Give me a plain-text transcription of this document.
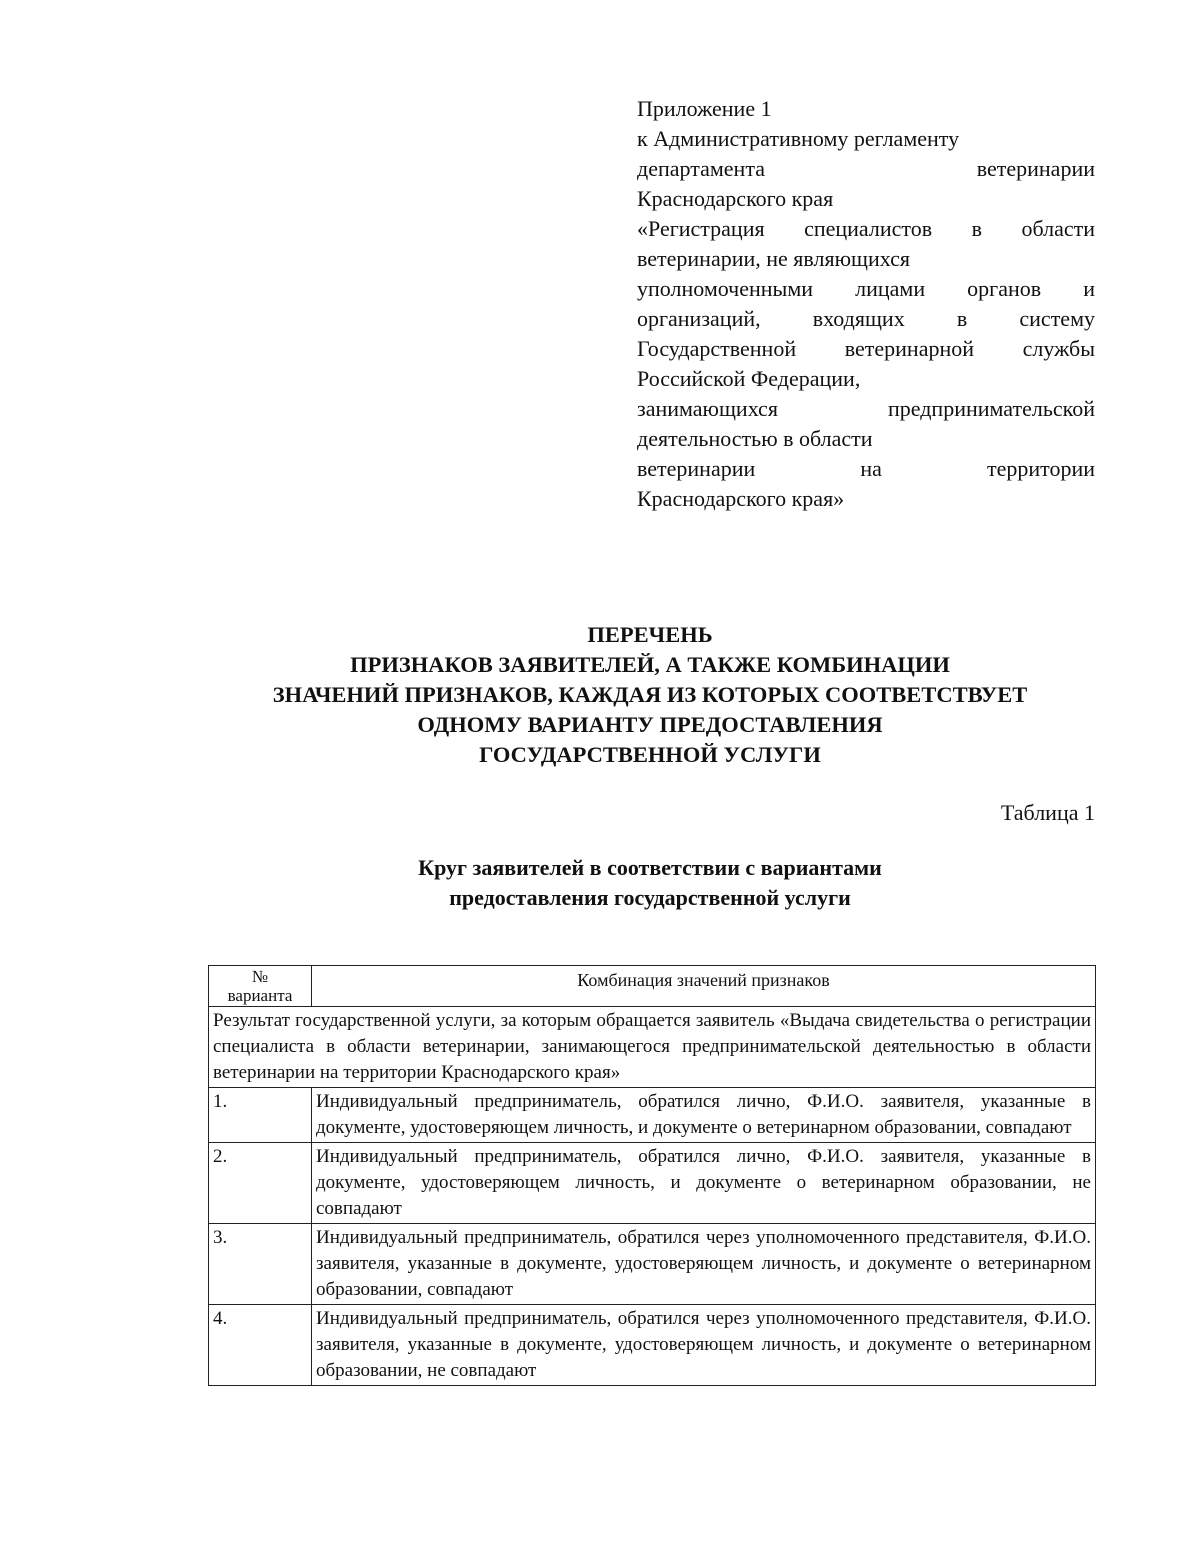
Приложение 1
к Административному регламенту
департамента ветеринарии
Краснодарского края
«Регистрация специалистов в области
ветеринарии, не являющихся
уполномоченными лицами органов и
организаций, входящих в систему
Государственной ветеринарной службы
Российской Федерации,
занимающихся предпринимательской
деятельностью в области
ветеринарии на территории
Краснодарского края»
ПЕРЕЧЕНЬ
ПРИЗНАКОВ ЗАЯВИТЕЛЕЙ, А ТАКЖЕ КОМБИНАЦИИ
ЗНАЧЕНИЙ ПРИЗНАКОВ, КАЖДАЯ ИЗ КОТОРЫХ СООТВЕТСТВУЕТ
ОДНОМУ ВАРИАНТУ ПРЕДОСТАВЛЕНИЯ
ГОСУДАРСТВЕННОЙ УСЛУГИ
Таблица 1
Круг заявителей в соответствии с вариантами
предоставления государственной услуги
№
варианта	Комбинация значений признаков
Результат государственной услуги, за которым обращается заявитель «Выдача свидетельства о регистрации специалиста в области ветеринарии, занимающегося предпринимательской деятельностью в области ветеринарии на территории Краснодарского края»	
1.	Индивидуальный предприниматель, обратился лично, Ф.И.О. заявителя, указанные в документе, удостоверяющем личность, и документе о ветеринарном образовании, совпадают
2.	Индивидуальный предприниматель, обратился лично, Ф.И.О. заявителя, указанные в документе, удостоверяющем личность, и документе о ветеринарном образовании, не совпадают
3.	Индивидуальный предприниматель, обратился через уполномоченного представителя, Ф.И.О. заявителя, указанные в документе, удостоверяющем личность, и документе о ветеринарном образовании, совпадают
4.	Индивидуальный предприниматель, обратился через уполномоченного представителя, Ф.И.О. заявителя, указанные в документе, удостоверяющем личность, и документе о ветеринарном образовании, не совпадают
